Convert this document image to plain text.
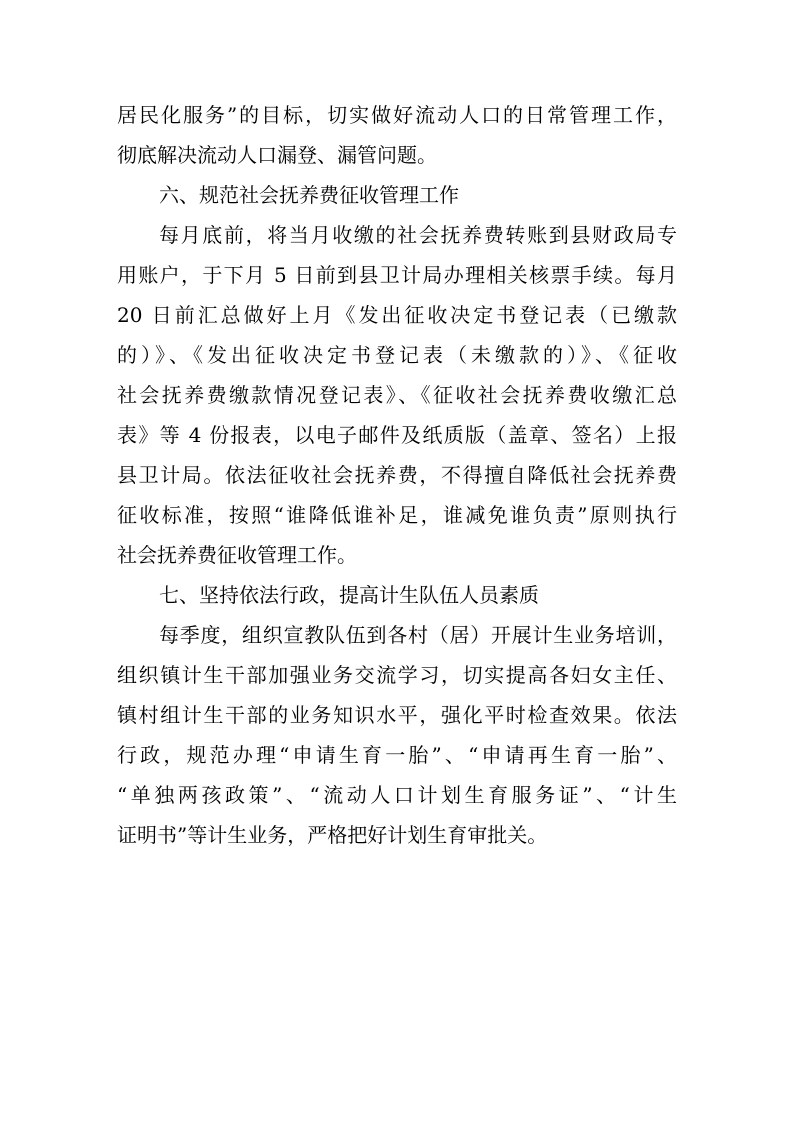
居民化服务”的目标，切实做好流动人口的日常管理工作，
彻底解决流动人口漏登、漏管问题。
六、规范社会抚养费征收管理工作
每月底前，将当月收缴的社会抚养费转账到县财政局专
用账户，于下月 5 日前到县卫计局办理相关核票手续。每月
20 日前汇总做好上月《发出征收决定书登记表（已缴款
的）》、《发出征收决定书登记表（未缴款的）》、《征收
社会抚养费缴款情况登记表》、《征收社会抚养费收缴汇总
表》等 4 份报表，以电子邮件及纸质版（盖章、签名）上报
县卫计局。依法征收社会抚养费，不得擅自降低社会抚养费
征收标准，按照“谁降低谁补足，谁减免谁负责”原则执行
社会抚养费征收管理工作。
七、坚持依法行政，提高计生队伍人员素质
每季度，组织宣教队伍到各村（居）开展计生业务培训，
组织镇计生干部加强业务交流学习，切实提高各妇女主任、
镇村组计生干部的业务知识水平，强化平时检查效果。依法
行政，规范办理“申请生育一胎”、“申请再生育一胎”、
“单独两孩政策”、“流动人口计划生育服务证”、“计生
证明书”等计生业务，严格把好计划生育审批关。
